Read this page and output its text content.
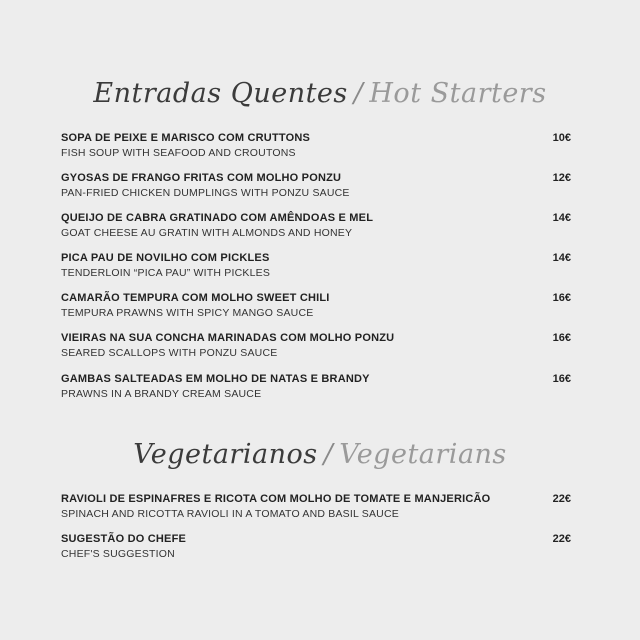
Entradas Quentes / Hot Starters
SOPA DE PEIXE E MARISCO COM CRUTTONS
FISH SOUP WITH SEAFOOD AND CROUTONS
10€
GYOSAS DE FRANGO FRITAS COM MOLHO PONZU
PAN-FRIED CHICKEN DUMPLINGS WITH PONZU SAUCE
12€
QUEIJO DE CABRA GRATINADO COM AMÊNDOAS E MEL
GOAT CHEESE AU GRATIN WITH ALMONDS AND HONEY
14€
PICA PAU DE NOVILHO COM PICKLES
TENDERLOIN “PICA PAU” WITH PICKLES
14€
CAMARÃO TEMPURA COM MOLHO SWEET CHILI
TEMPURA PRAWNS WITH SPICY MANGO SAUCE
16€
VIEIRAS NA SUA CONCHA MARINADAS COM MOLHO PONZU
SEARED SCALLOPS WITH PONZU SAUCE
16€
GAMBAS SALTEADAS EM MOLHO DE NATAS E BRANDY
PRAWNS IN A BRANDY CREAM SAUCE
16€
Vegetarianos / Vegetarians
RAVIOLI DE ESPINAFRES E RICOTA COM MOLHO DE TOMATE E MANJERICÃO
SPINACH AND RICOTTA RAVIOLI IN A TOMATO AND BASIL SAUCE
22€
SUGESTÃO DO CHEFE
CHEF'S SUGGESTION
22€
